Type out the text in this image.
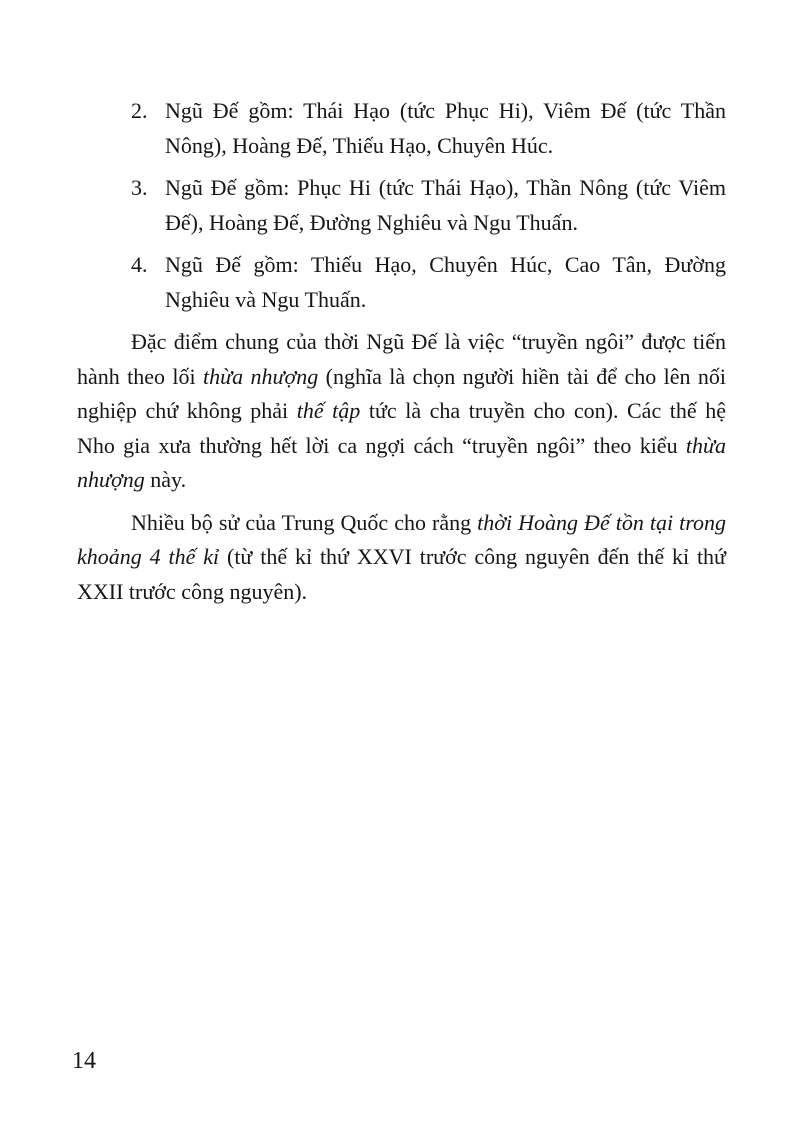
2. Ngũ Đế gồm: Thái Hạo (tức Phục Hi), Viêm Đế (tức Thần Nông), Hoàng Đế, Thiếu Hạo, Chuyên Húc.
3. Ngũ Đế gồm: Phục Hi (tức Thái Hạo), Thần Nông (tức Viêm Đế), Hoàng Đế, Đường Nghiêu và Ngu Thuấn.
4. Ngũ Đế gồm: Thiếu Hạo, Chuyên Húc, Cao Tân, Đường Nghiêu và Ngu Thuấn.

Đặc điểm chung của thời Ngũ Đế là việc “truyền ngôi” được tiến hành theo lối thừa nhượng (nghĩa là chọn người hiền tài để cho lên nối nghiệp chứ không phải thế tập tức là cha truyền cho con). Các thế hệ Nho gia xưa thường hết lời ca ngợi cách “truyền ngôi” theo kiểu thừa nhượng này.

Nhiều bộ sử của Trung Quốc cho rằng thời Hoàng Đế tồn tại trong khoảng 4 thế kỉ (từ thế kỉ thứ XXVI trước công nguyên đến thế kỉ thứ XXII trước công nguyên).

14
